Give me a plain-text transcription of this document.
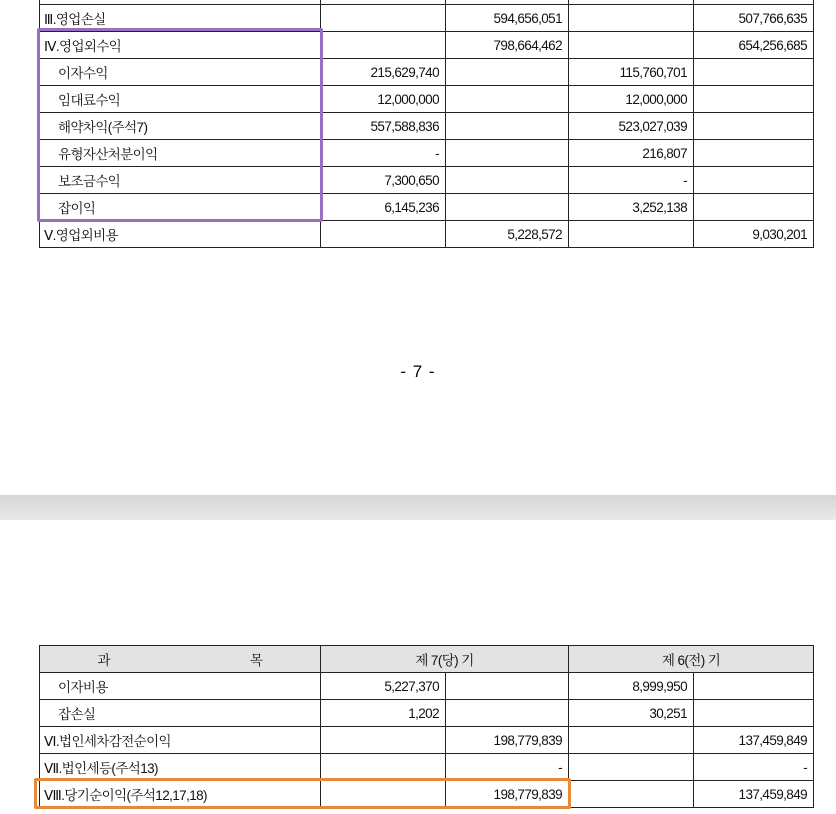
Ⅲ.영업손실		594,656,051		507,766,635
Ⅳ.영업외수익		798,664,462		654,256,685
이자수익	215,629,740		115,760,701	
임대료수익	12,000,000		12,000,000	
해약차익(주석7)	557,588,836		523,027,039	
유형자산처분이익	-		216,807	
보조금수익	7,300,650		-	
잡이익	6,145,236		3,252,138	
Ⅴ.영업외비용		5,228,572		9,030,201
- 7 -
과 목	제 7(당) 기		제 6(전) 기	
이자비용	5,227,370		8,999,950	
잡손실	1,202		30,251	
Ⅵ.법인세차감전순이익		198,779,839		137,459,849
Ⅶ.법인세등(주석13)		-		-
Ⅷ.당기순이익(주석12,17,18)		198,779,839		137,459,849
